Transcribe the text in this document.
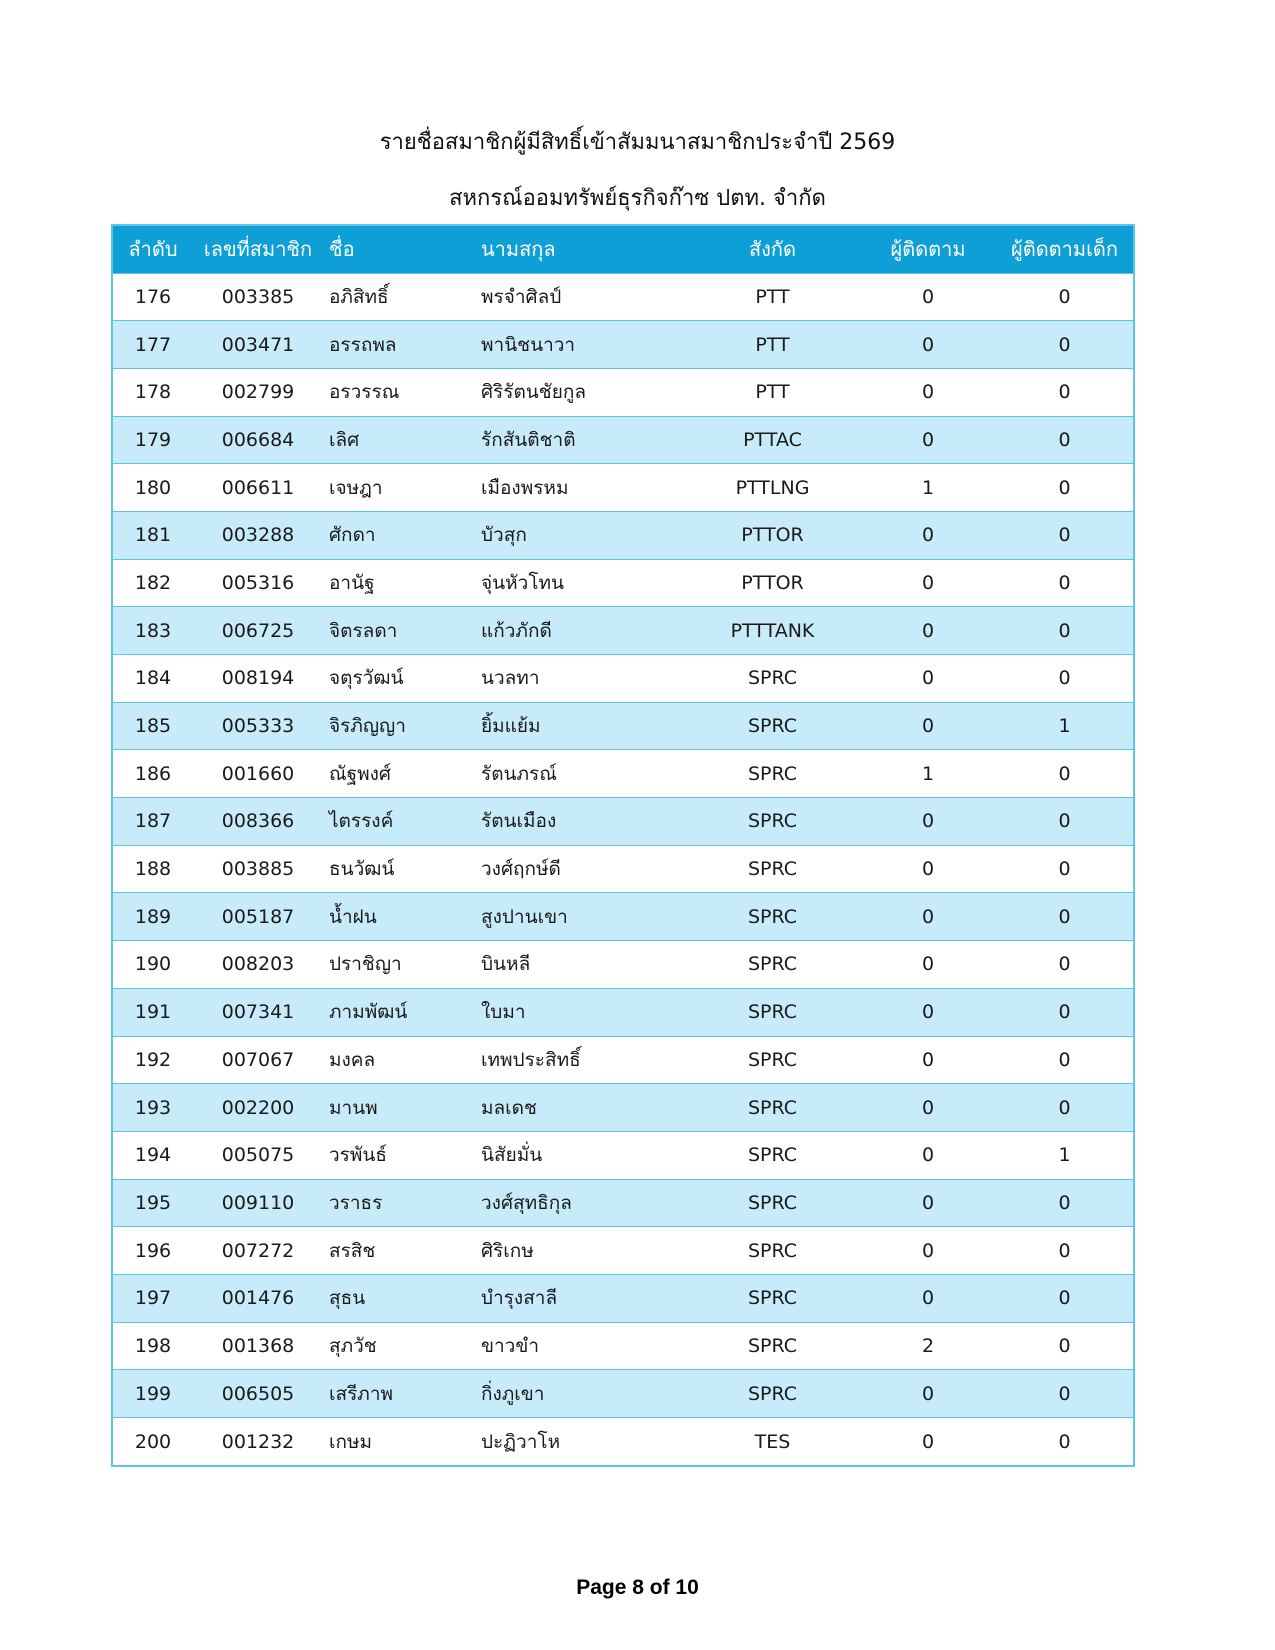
รายชื่อสมาชิกผู้มีสิทธิ์เข้าสัมมนาสมาชิกประจำปี 2569
สหกรณ์ออมทรัพย์ธุรกิจก๊าซ ปตท. จำกัด
ลำดับ	เลขที่สมาชิก	ชื่อ	นามสกุล	สังกัด	ผู้ติดตาม	ผู้ติดตามเด็ก
176	003385	อภิสิทธิ์	พรจำศิลป์	PTT	0	0
177	003471	อรรถพล	พานิชนาวา	PTT	0	0
178	002799	อรวรรณ	ศิริรัตนชัยกูล	PTT	0	0
179	006684	เลิศ	รักสันติชาติ	PTTAC	0	0
180	006611	เจษฎา	เมืองพรหม	PTTLNG	1	0
181	003288	ศักดา	บัวสุก	PTTOR	0	0
182	005316	อานัฐ	จุ่นหัวโทน	PTTOR	0	0
183	006725	จิตรลดา	แก้วภักดี	PTTTANK	0	0
184	008194	จตุรวัฒน์	นวลทา	SPRC	0	0
185	005333	จิรภิญญา	ยิ้มแย้ม	SPRC	0	1
186	001660	ณัฐพงศ์	รัตนภรณ์	SPRC	1	0
187	008366	ไตรรงค์	รัตนเมือง	SPRC	0	0
188	003885	ธนวัฒน์	วงศ์ฤกษ์ดี	SPRC	0	0
189	005187	น้ำฝน	สูงปานเขา	SPRC	0	0
190	008203	ปราชิญา	บินหลี	SPRC	0	0
191	007341	ภามพัฒน์	ใบมา	SPRC	0	0
192	007067	มงคล	เทพประสิทธิ์	SPRC	0	0
193	002200	มานพ	มลเดช	SPRC	0	0
194	005075	วรพันธ์	นิสัยมั่น	SPRC	0	1
195	009110	วราธร	วงศ์สุทธิกุล	SPRC	0	0
196	007272	สรสิช	ศิริเกษ	SPRC	0	0
197	001476	สุธน	บำรุงสาลี	SPRC	0	0
198	001368	สุภวัช	ขาวขำ	SPRC	2	0
199	006505	เสรีภาพ	กิ่งภูเขา	SPRC	0	0
200	001232	เกษม	ปะฏิวาโห	TES	0	0
Page 8 of 10
